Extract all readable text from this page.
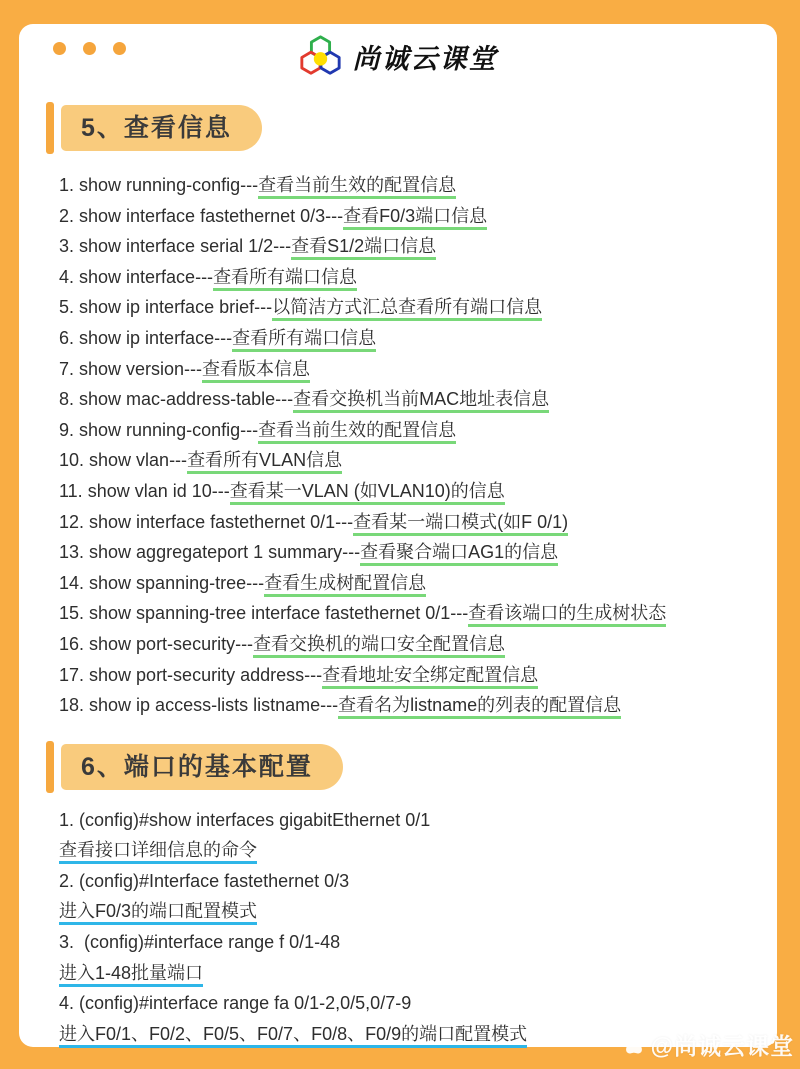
尚诚云课堂
5、查看信息
1. show running-config---查看当前生效的配置信息
2. show interface fastethernet 0/3---查看F0/3端口信息
3. show interface serial 1/2---查看S1/2端口信息
4. show interface---查看所有端口信息
5. show ip interface brief---以简洁方式汇总查看所有端口信息
6. show ip interface---查看所有端口信息
7. show version---查看版本信息
8. show mac-address-table---查看交换机当前MAC地址表信息
9. show running-config---查看当前生效的配置信息
10. show vlan---查看所有VLAN信息
11. show vlan id 10---查看某一VLAN (如VLAN10)的信息
12. show interface fastethernet 0/1---查看某一端口模式(如F 0/1)
13. show aggregateport 1 summary---查看聚合端口AG1的信息
14. show spanning-tree---查看生成树配置信息
15. show spanning-tree interface fastethernet 0/1---查看该端口的生成树状态
16. show port-security---查看交换机的端口安全配置信息
17. show port-security address---查看地址安全绑定配置信息
18. show ip access-lists listname---查看名为listname的列表的配置信息
6、端口的基本配置
1. (config)#show interfaces gigabitEthernet 0/1
查看接口详细信息的命令
2. (config)#Interface fastethernet 0/3
进入F0/3的端口配置模式
3.  (config)#interface range f 0/1-48
进入1-48批量端口
4. (config)#interface range fa 0/1-2,0/5,0/7-9
进入F0/1、F0/2、F0/5、F0/7、F0/8、F0/9的端口配置模式	@尚诚云课堂
